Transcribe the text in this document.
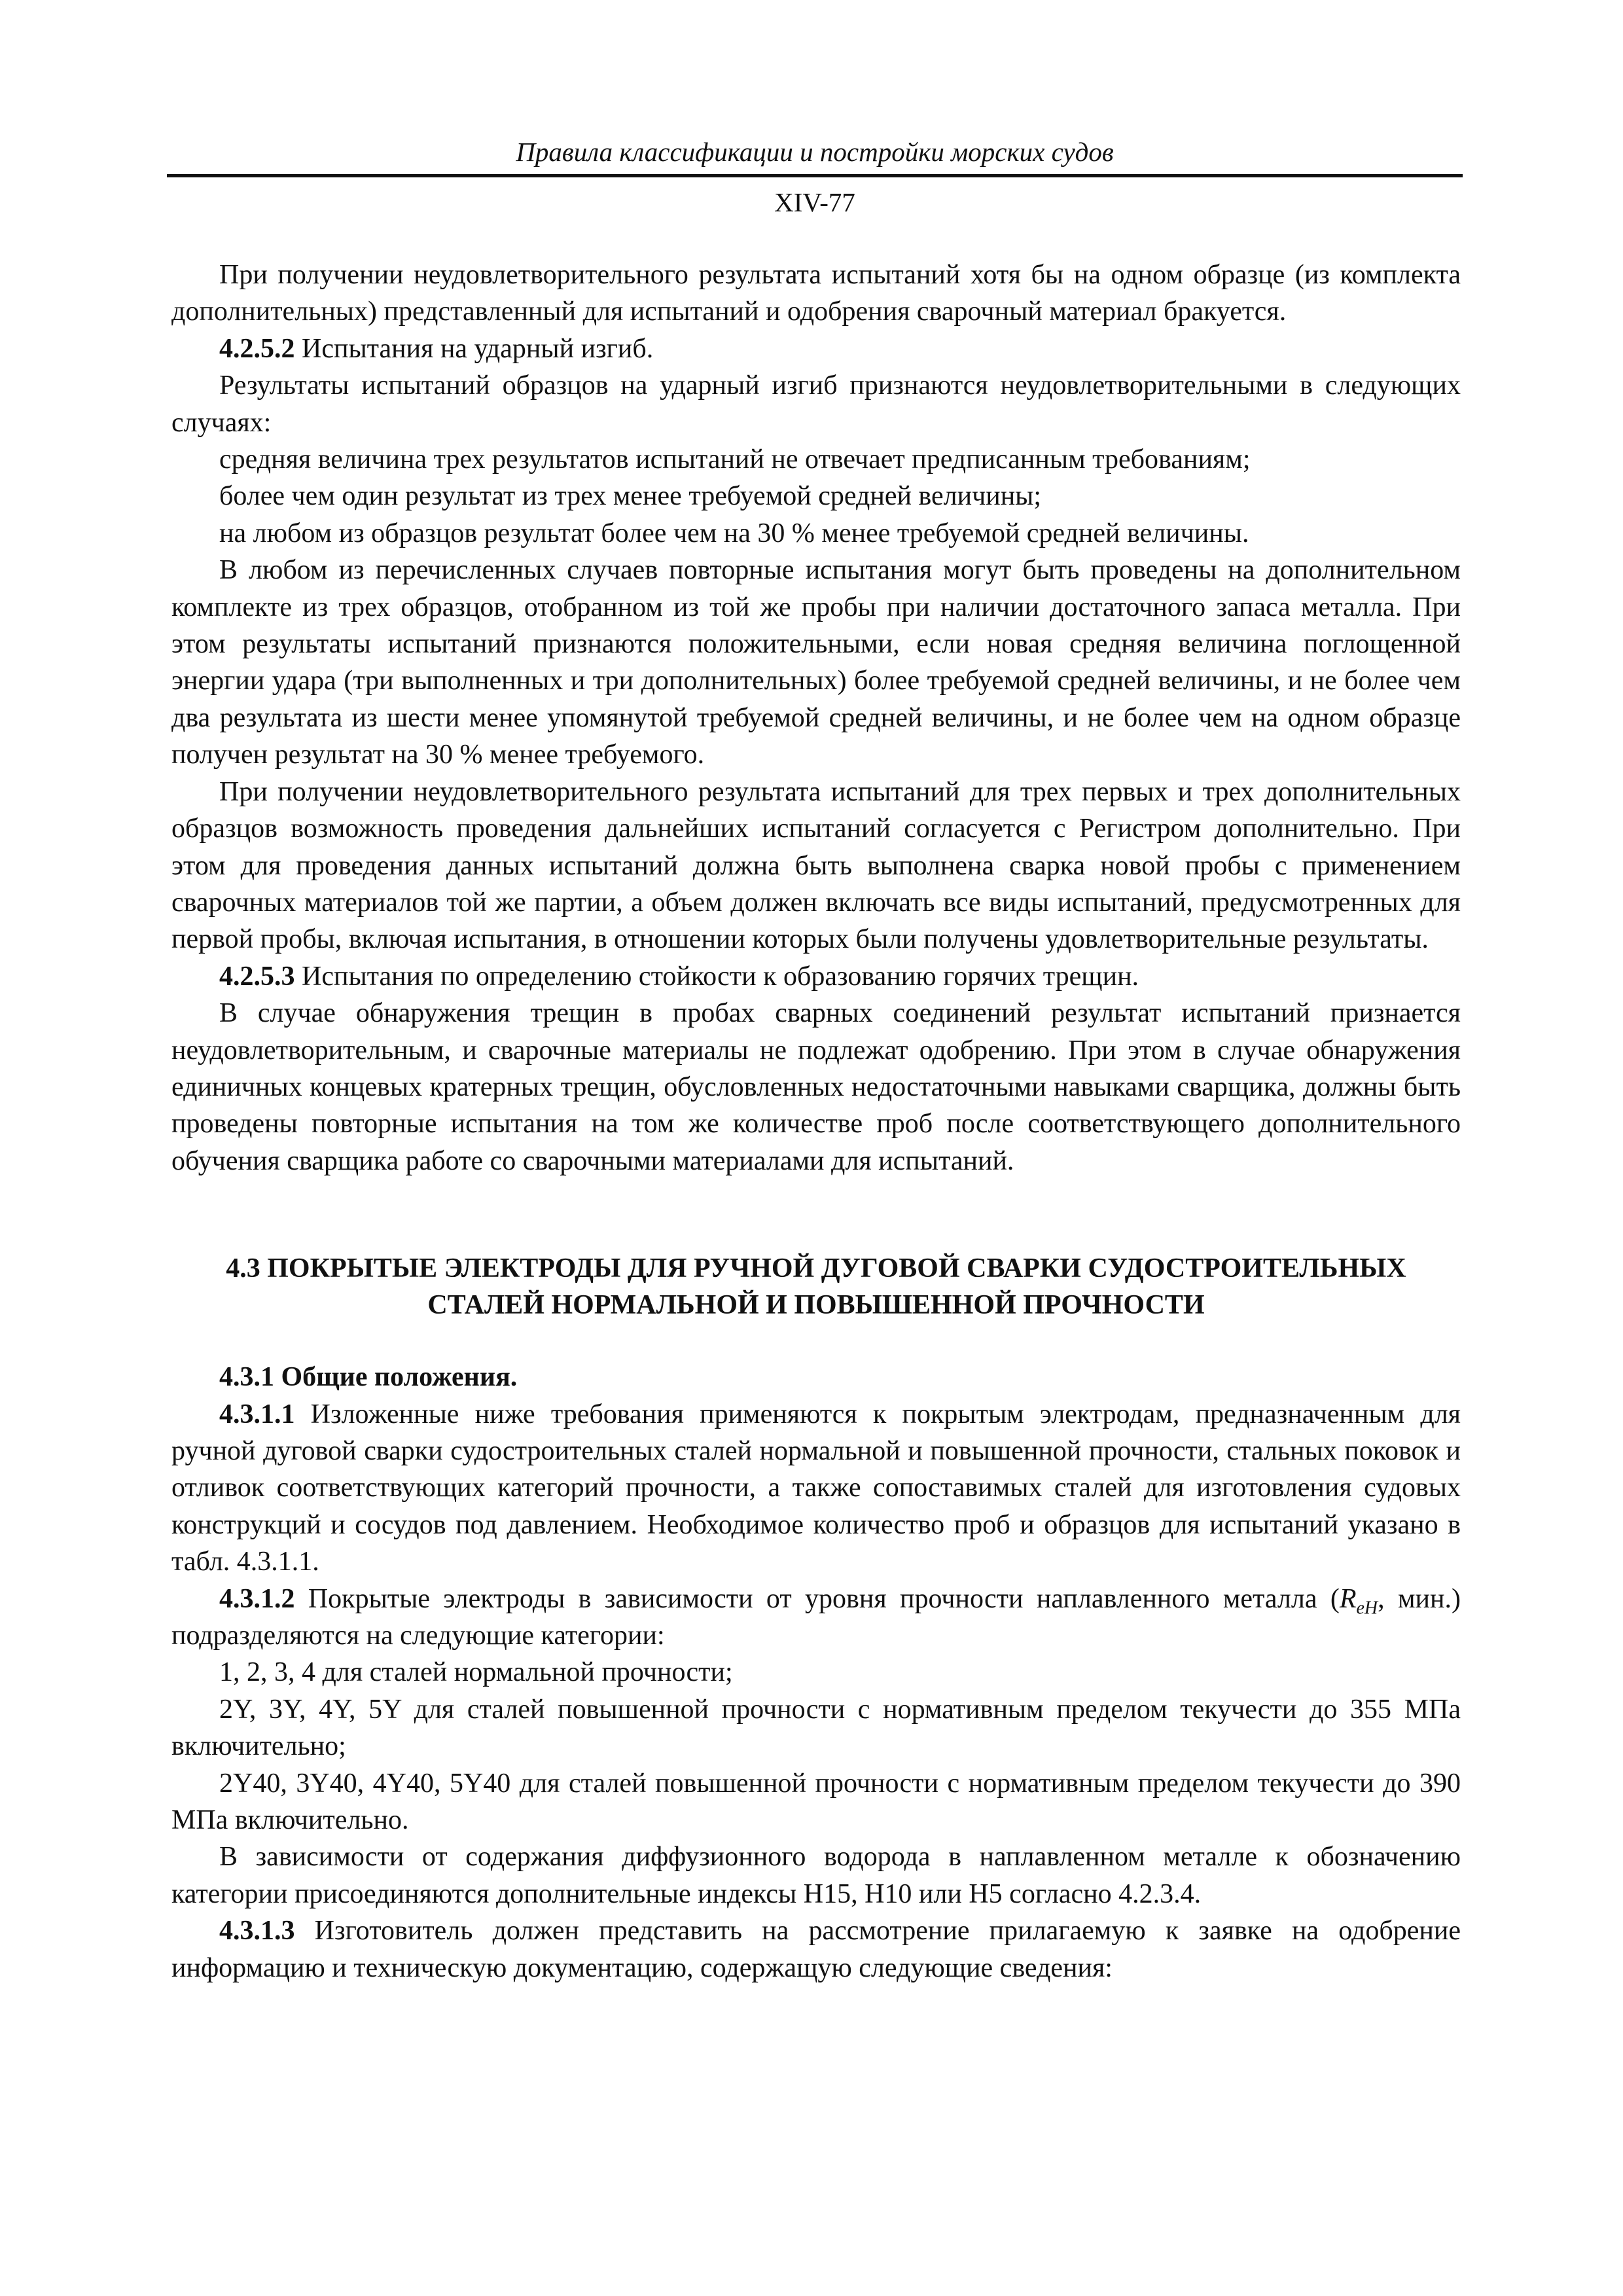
Правила классификации и постройки морских судов
XIV-77

При получении неудовлетворительного результата испытаний хотя бы на одном образце (из комплекта дополнительных) представленный для испытаний и одобрения сварочный материал бракуется.

4.2.5.2 Испытания на ударный изгиб.

Результаты испытаний образцов на ударный изгиб признаются неудовлетворительными в следующих случаях:

средняя величина трех результатов испытаний не отвечает предписанным требованиям;

более чем один результат из трех менее требуемой средней величины;

на любом из образцов результат более чем на 30 % менее требуемой средней величины.

В любом из перечисленных случаев повторные испытания могут быть проведены на дополнительном комплекте из трех образцов, отобранном из той же пробы при наличии достаточного запаса металла. При этом результаты испытаний признаются положительными, если новая средняя величина поглощенной энергии удара (три выполненных и три дополнительных) более требуемой средней величины, и не более чем два результата из шести менее упомянутой требуемой средней величины, и не более чем на одном образце получен результат на 30 % менее требуемого.

При получении неудовлетворительного результата испытаний для трех первых и трех дополнительных образцов возможность проведения дальнейших испытаний согласуется с Регистром дополнительно. При этом для проведения данных испытаний должна быть выполнена сварка новой пробы с применением сварочных материалов той же партии, а объем должен включать все виды испытаний, предусмотренных для первой пробы, включая испытания, в отношении которых были получены удовлетворительные результаты.

4.2.5.3 Испытания по определению стойкости к образованию горячих трещин.

В случае обнаружения трещин в пробах сварных соединений результат испытаний признается неудовлетворительным, и сварочные материалы не подлежат одобрению. При этом в случае обнаружения единичных концевых кратерных трещин, обусловленных недостаточными навыками сварщика, должны быть проведены повторные испытания на том же количестве проб после соответствующего дополнительного обучения сварщика работе со сварочными материалами для испытаний.

4.3 ПОКРЫТЫЕ ЭЛЕКТРОДЫ ДЛЯ РУЧНОЙ ДУГОВОЙ СВАРКИ СУДОСТРОИТЕЛЬНЫХ
СТАЛЕЙ НОРМАЛЬНОЙ И ПОВЫШЕННОЙ ПРОЧНОСТИ

4.3.1 Общие положения.

4.3.1.1 Изложенные ниже требования применяются к покрытым электродам, предназначенным для ручной дуговой сварки судостроительных сталей нормальной и повышенной прочности, стальных поковок и отливок соответствующих категорий прочности, а также сопоставимых сталей для изготовления судовых конструкций и сосудов под давлением. Необходимое количество проб и образцов для испытаний указано в табл. 4.3.1.1.

4.3.1.2 Покрытые электроды в зависимости от уровня прочности наплавленного металла ($R_{eH}$, мин.) подразделяются на следующие категории:

1, 2, 3, 4 для сталей нормальной прочности;

2Y, 3Y, 4Y, 5Y для сталей повышенной прочности с нормативным пределом текучести до 355 МПа включительно;

2Y40, 3Y40, 4Y40, 5Y40 для сталей повышенной прочности с нормативным пределом текучести до 390 МПа включительно.

В зависимости от содержания диффузионного водорода в наплавленном металле к обозначению категории присоединяются дополнительные индексы H15, H10 или H5 согласно 4.2.3.4.

4.3.1.3 Изготовитель должен представить на рассмотрение прилагаемую к заявке на одобрение информацию и техническую документацию, содержащую следующие сведения:
